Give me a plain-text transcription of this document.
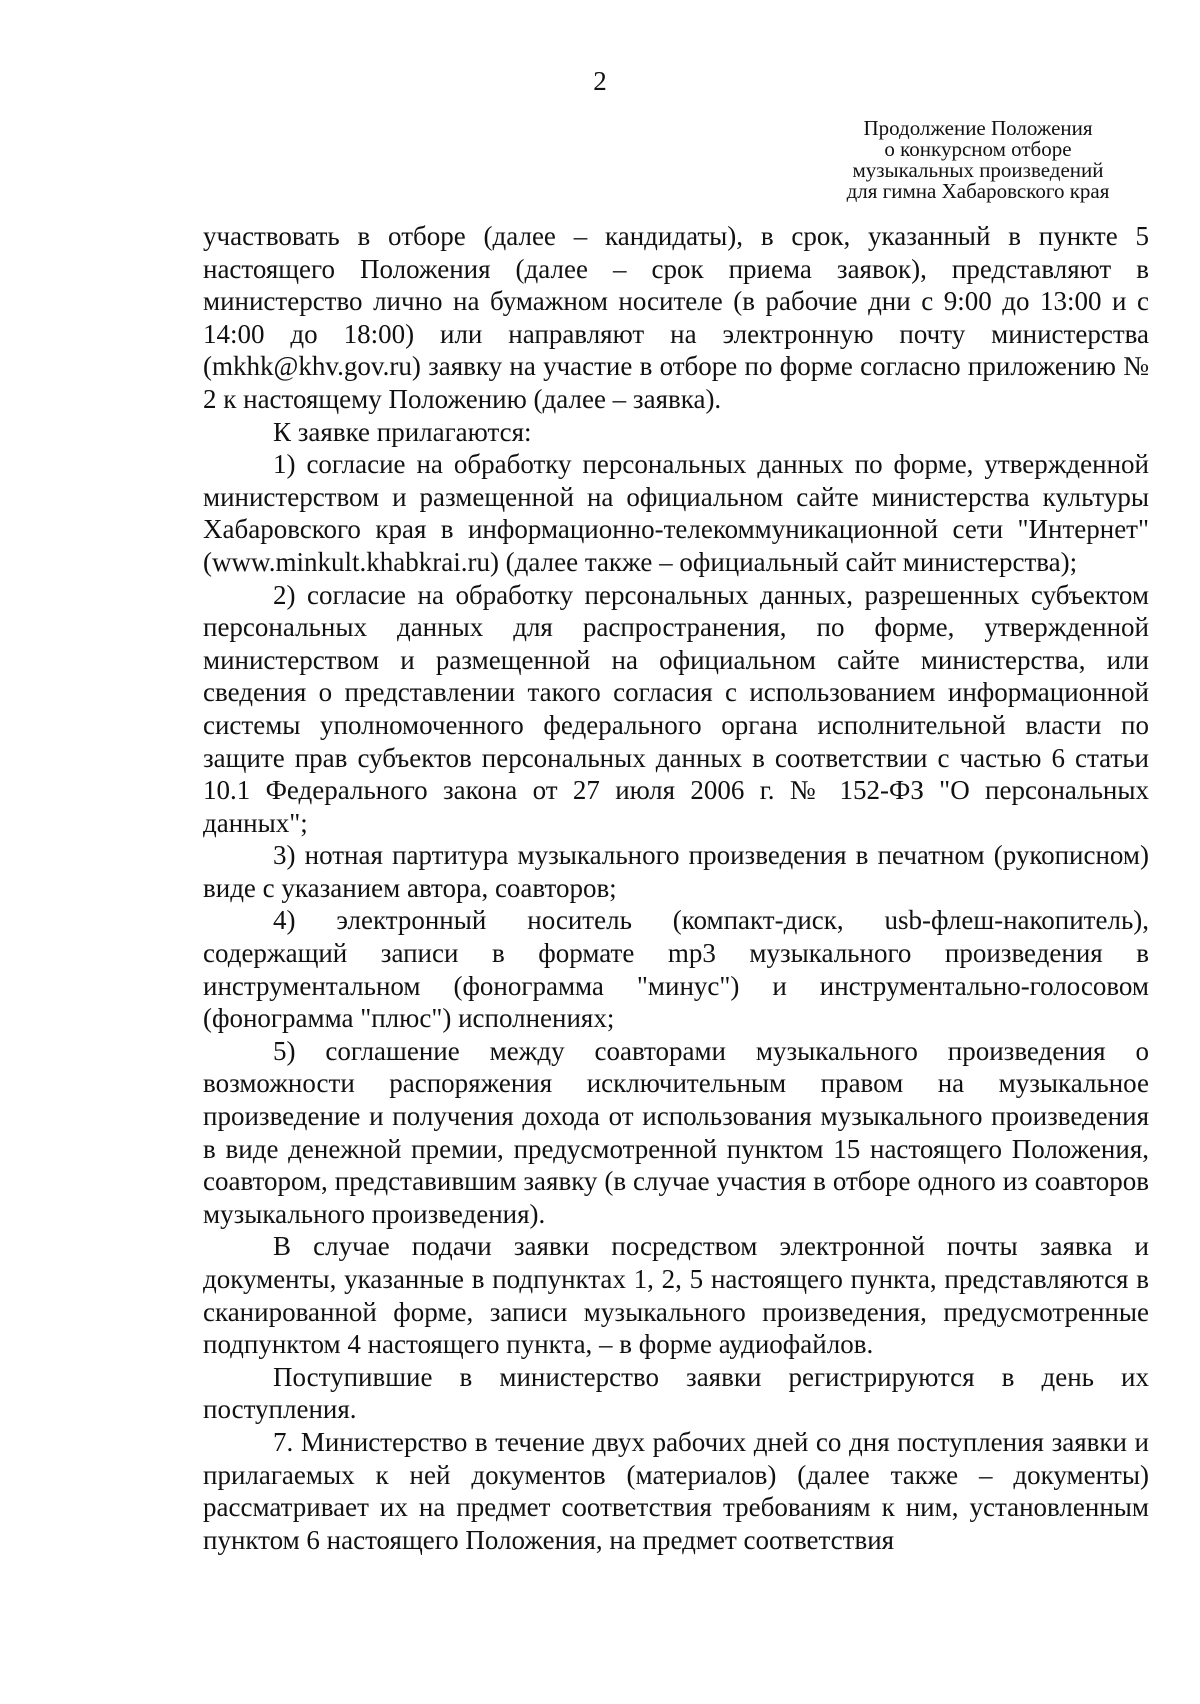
2
Продолжение Положения
о конкурсном отборе
музыкальных произведений
для гимна Хабаровского края

участвовать в отборе (далее – кандидаты), в срок, указанный в пункте 5 настоящего Положения (далее – срок приема заявок), представляют в министерство лично на бумажном носителе (в рабочие дни с 9:00 до 13:00 и с 14:00 до 18:00) или направляют на электронную почту министерства (mkhk@khv.gov.ru) заявку на участие в отборе по форме согласно приложению № 2 к настоящему Положению (далее – заявка).

К заявке прилагаются:

1) согласие на обработку персональных данных по форме, утвержденной министерством и размещенной на официальном сайте министерства культуры Хабаровского края в информационно-телекоммуникационной сети "Интернет" (www.minkult.khabkrai.ru) (далее также – официальный сайт министерства);

2) согласие на обработку персональных данных, разрешенных субъектом персональных данных для распространения, по форме, утвержденной министерством и размещенной на официальном сайте министерства, или сведения о представлении такого согласия с использованием информационной системы уполномоченного федерального органа исполнительной власти по защите прав субъектов персональных данных в соответствии с частью 6 статьи 10.1 Федерального закона от 27 июля 2006 г. № 152-ФЗ "О персональных данных";

3) нотная партитура музыкального произведения в печатном (рукописном) виде с указанием автора, соавторов;

4) электронный носитель (компакт-диск, usb-флеш-накопитель), содержащий записи в формате mp3 музыкального произведения в инструментальном (фонограмма "минус") и инструментально-голосовом (фонограмма "плюс") исполнениях;

5) соглашение между соавторами музыкального произведения о возможности распоряжения исключительным правом на музыкальное произведение и получения дохода от использования музыкального произведения в виде денежной премии, предусмотренной пунктом 15 настоящего Положения, соавтором, представившим заявку (в случае участия в отборе одного из соавторов музыкального произведения).

В случае подачи заявки посредством электронной почты заявка и документы, указанные в подпунктах 1, 2, 5 настоящего пункта, представляются в сканированной форме, записи музыкального произведения, предусмотренные подпунктом 4 настоящего пункта, – в форме аудиофайлов.

Поступившие в министерство заявки регистрируются в день их поступления.

7. Министерство в течение двух рабочих дней со дня поступления заявки и прилагаемых к ней документов (материалов) (далее также – документы) рассматривает их на предмет соответствия требованиям к ним, установленным пунктом 6 настоящего Положения, на предмет соответствия
